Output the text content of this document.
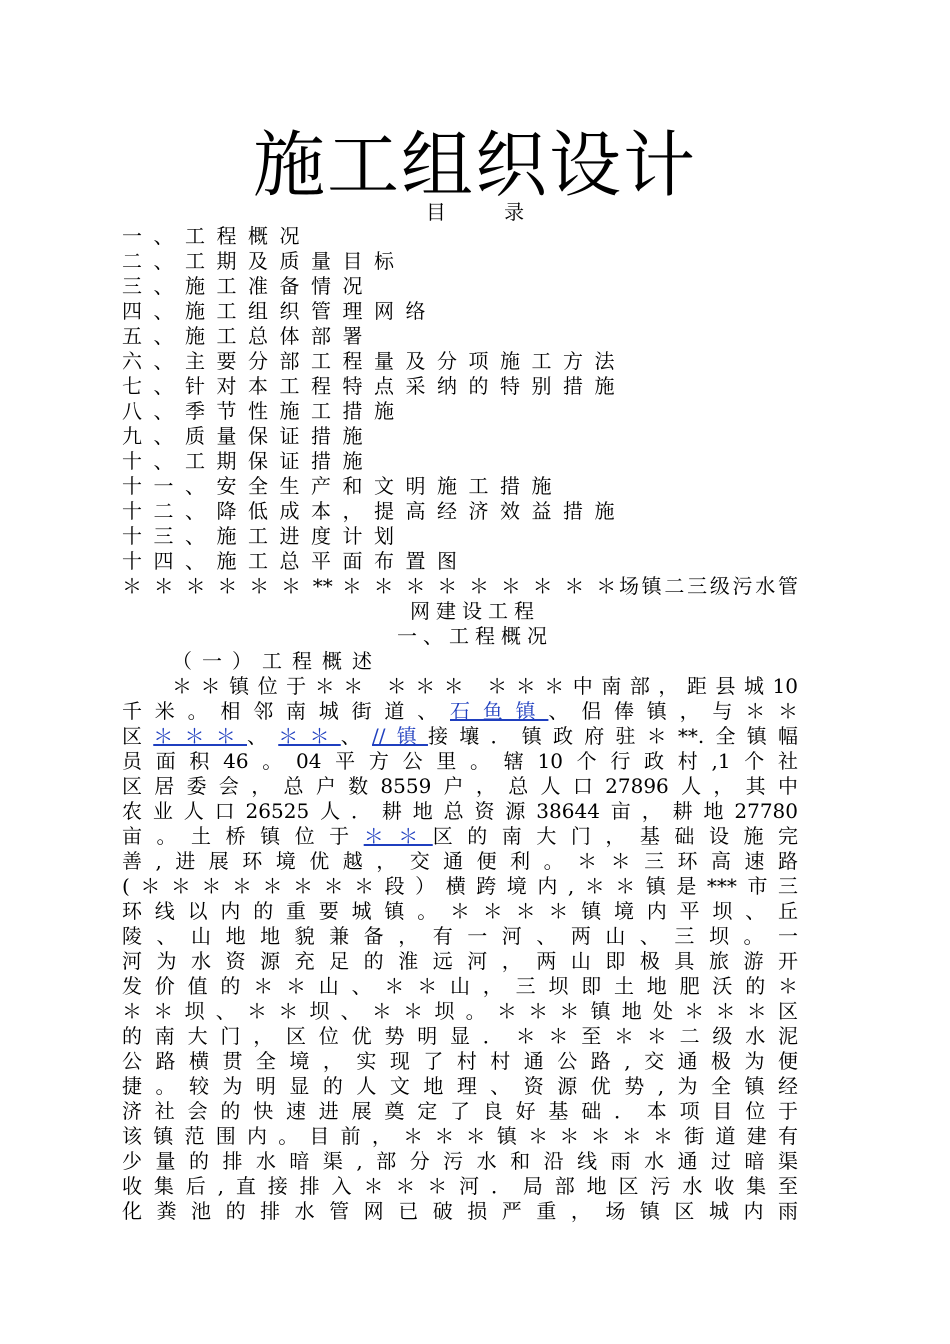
施工组织设计
目 录
一、工程概况
二、工期及质量目标
三、施工准备情况
四、施工组织管理网络
五、施工总体部署
六、主要分部工程量及分项施工方法
七、针对本工程特点采纳的特别措施
八、季节性施工措施
九、质量保证措施
十、工期保证措施
十一、安全生产和文明施工措施
十二、降低成本，提高经济效益措施
十三、施工进度计划
十四、施工总平面布置图
＊ ＊ ＊ ＊ ＊ ＊ ** ＊ ＊ ＊ ＊ ＊ ＊ ＊ ＊ ＊场镇二三级污水管
网建设工程
一、工程概况
（一）工程概述
＊＊镇位于＊＊ ＊＊＊ ＊＊＊中南部，距县城10
千米。相邻南城街道、石鱼镇、侣俸镇，与＊＊
区＊＊＊、＊＊、//镇接壤．镇政府驻＊**.全镇幅
员面积46。04平方公里。辖10个行政村,1个社
区居委会，总户数8559户，总人口27896人，其中
农业人口26525人．耕地总资源38644亩，耕地27780
亩。土桥镇位于＊＊区的南大门，基础设施完
善,进展环境优越，交通便利。＊＊三环高速路
(＊＊＊＊＊＊＊＊段）横跨境内,＊＊镇是***市三
环线以内的重要城镇。＊＊＊＊镇境内平坝、丘
陵、山地地貌兼备，有一河、两山、三坝。一
河为水资源充足的淮远河，两山即极具旅游开
发价值的＊＊山、＊＊山，三坝即土地肥沃的＊
＊＊坝、＊＊坝、＊＊坝。＊＊＊镇地处＊＊＊区
的南大门，区位优势明显．＊＊至＊＊二级水泥
公路横贯全境，实现了村村通公路,交通极为便
捷。较为明显的人文地理、资源优势,为全镇经
济社会的快速进展奠定了良好基础．本项目位于
该镇范围内。目前，＊＊＊镇＊＊＊＊＊街道建有
少量的排水暗渠,部分污水和沿线雨水通过暗渠
收集后,直接排入＊＊＊河．局部地区污水收集至
化粪池的排水管网已破损严重，场镇区城内雨
